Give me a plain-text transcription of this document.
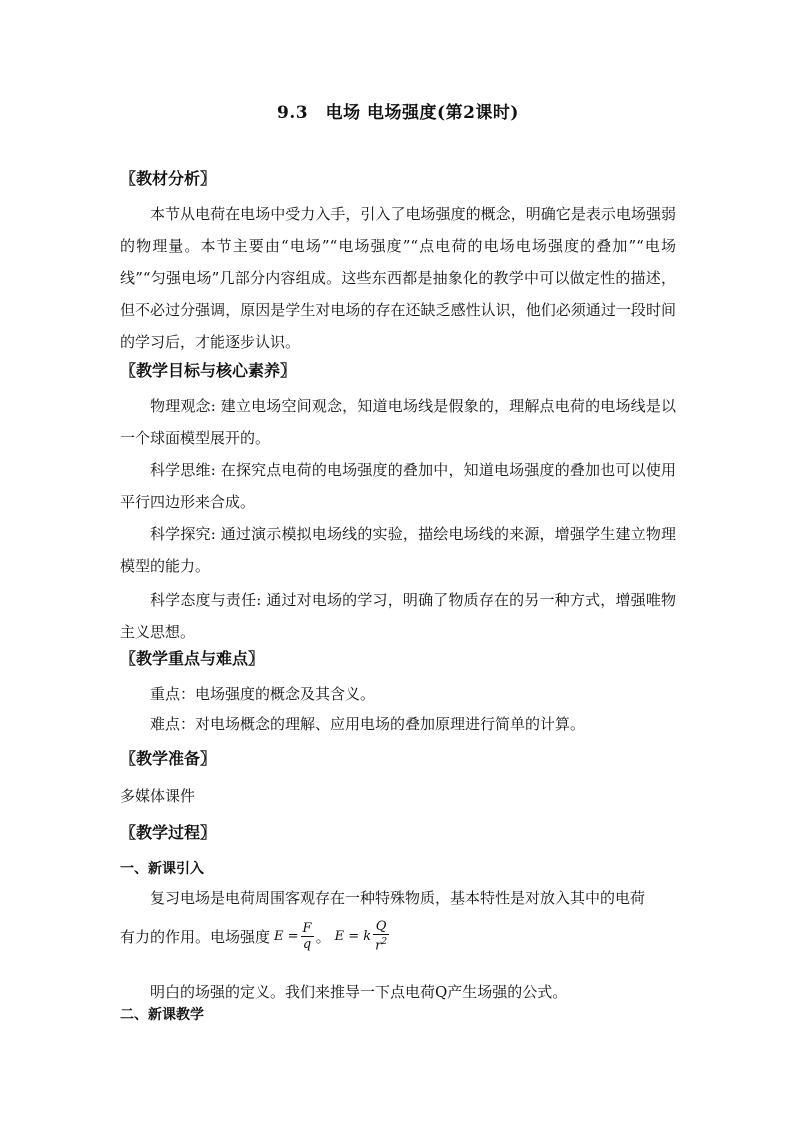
9.3　电场 电场强度(第2课时)
〖教材分析〗
本节从电荷在电场中受力入手，引入了电场强度的概念，明确它是表示电场强弱的物理量。本节主要由“电场”“电场强度”“点电荷的电场电场强度的叠加”“电场线”“匀强电场”几部分内容组成。这些东西都是抽象化的教学中可以做定性的描述，但不必过分强调，原因是学生对电场的存在还缺乏感性认识，他们必须通过一段时间的学习后，才能逐步认识。
〖教学目标与核心素养〗
物理观念: 建立电场空间观念，知道电场线是假象的，理解点电荷的电场线是以一个球面模型展开的。
科学思维: 在探究点电荷的电场强度的叠加中，知道电场强度的叠加也可以使用平行四边形来合成。
科学探究: 通过演示模拟电场线的实验，描绘电场线的来源，增强学生建立物理模型的能力。
科学态度与责任: 通过对电场的学习，明确了物质存在的另一种方式，增强唯物主义思想。
〖教学重点与难点〗
重点：电场强度的概念及其含义。
难点：对电场概念的理解、应用电场的叠加原理进行简单的计算。
〖教学准备〗
多媒体课件
〖教学过程〗
一、新课引入
复习电场是电荷周围客观存在一种特殊物质，基本特性是对放入其中的电荷
有力的作用。电场强度 $E = \frac{F}{q}$ 。 E = k $\frac{Q}{r^2}$
明白的场强的定义。我们来推导一下点电荷Q产生场强的公式。
二、新课教学
